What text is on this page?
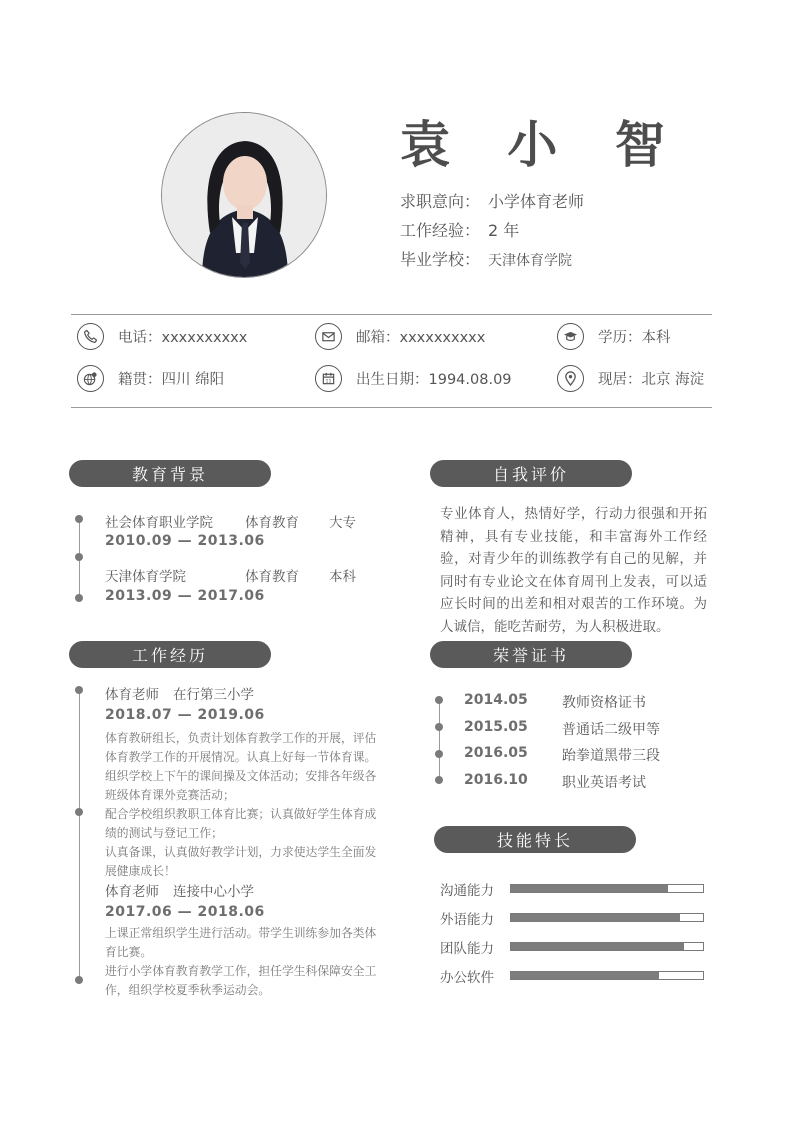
袁 小 智
求职意向： 小学体育老师
工作经验： 2 年
毕业学校： 天津体育学院
电话：xxxxxxxxxx	邮箱：xxxxxxxxxx	学历：本科
籍贯：四川 绵阳	11 出生日期：1994.08.09	现居：北京 海淀
教育背景
社会体育职业学院	体育教育	大专
2010.09 — 2013.06
天津体育学院	体育教育	本科
2013.09 — 2017.06
工作经历
体育老师 在行第三小学
2018.07 — 2019.06
体育教研组长，负责计划体育教学工作的开展，评估体育教学工作的开展情况。认真上好每一节体育课。
组织学校上下午的课间操及文体活动；安排各年级各班级体育课外竞赛活动；
配合学校组织教职工体育比赛；认真做好学生体育成绩的测试与登记工作；
认真备课，认真做好教学计划，力求使达学生全面发展健康成长！
体育老师 连接中心小学
2017.06 — 2018.06
上课正常组织学生进行活动。带学生训练参加各类体育比赛。
进行小学体育教育教学工作，担任学生科保障安全工作，组织学校夏季秋季运动会。
自我评价
专业体育人，热情好学，行动力很强和开拓精神，具有专业技能，和丰富海外工作经验，对青少年的训练教学有自己的见解，并同时有专业论文在体育周刊上发表，可以适应长时间的出差和相对艰苦的工作环境。为人诚信，能吃苦耐劳，为人积极进取。
荣誉证书
2014.05	教师资格证书
2015.05	普通话二级甲等
2016.05	跆拳道黑带三段
2016.10	职业英语考试
技能特长
沟通能力
外语能力
团队能力
办公软件
